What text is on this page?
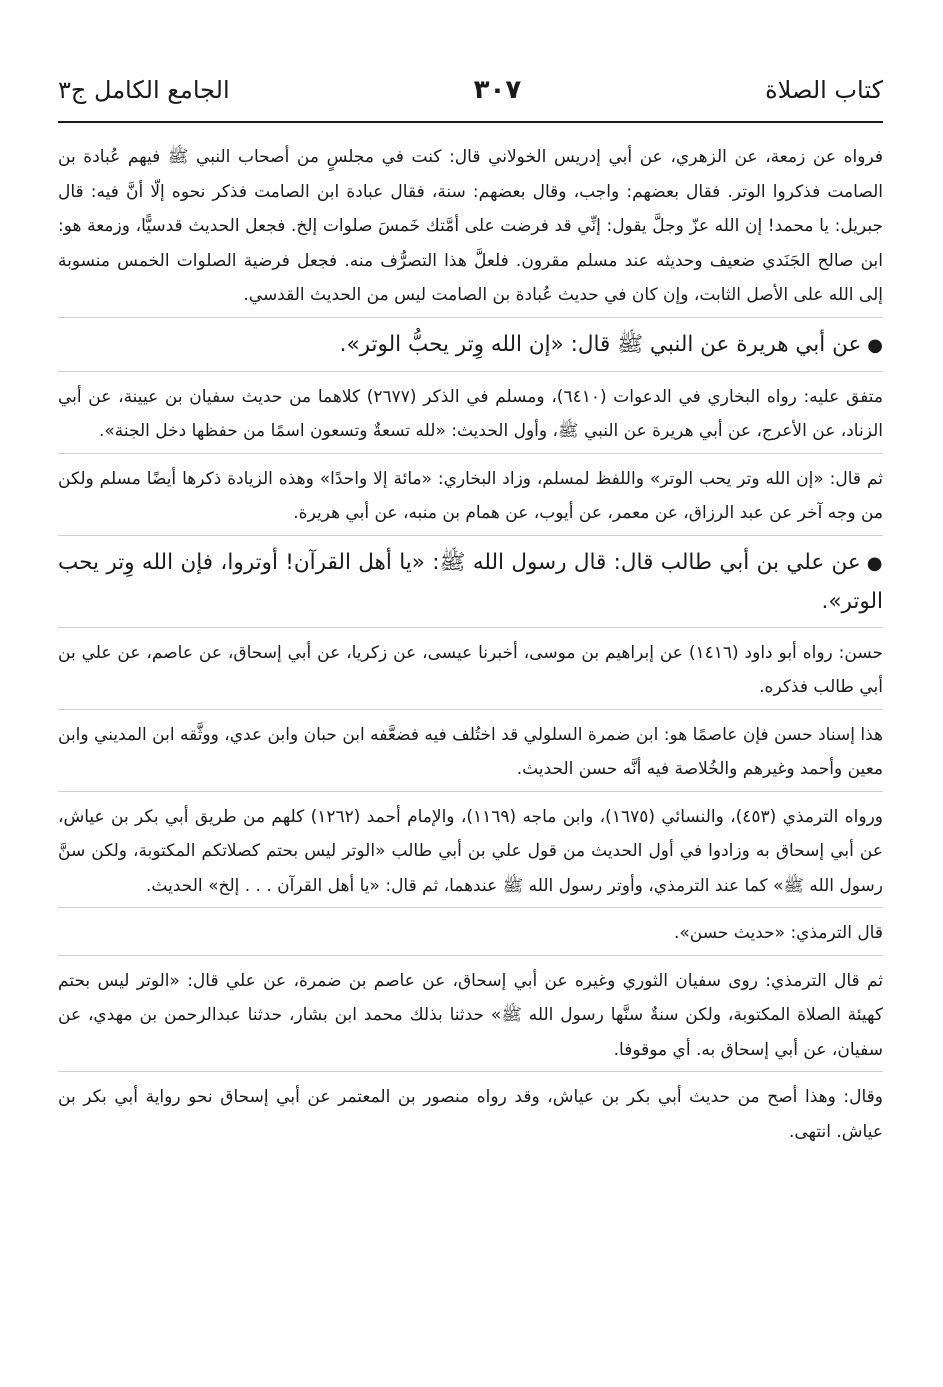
كتاب الصلاة
٣٠٧
الجامع الكامل ج٣

فرواه عن زمعة، عن الزهري، عن أبي إدريس الخولاني قال: كنت في مجلسٍ من أصحاب النبي ﷺ فيهم عُبادة بن الصامت فذكروا الوتر. فقال بعضهم: واجب، وقال بعضهم: سنة، فقال عبادة ابن الصامت فذكر نحوه إلّا أنَّ فيه: قال جبريل: يا محمد! إن الله عزّ وجلَّ يقول: إنِّي قد فرضت على أمَّتك خَمسَ صلوات إلخ. فجعل الحديث قدسيًّا، وزمعة هو: ابن صالح الجَنَدي ضعيف وحديثه عند مسلم مقرون. فلعلَّ هذا التصرُّف منه. فجعل فرضية الصلوات الخمس منسوبة إلى الله على الأصل الثابت، وإن كان في حديث عُبادة بن الصامت ليس من الحديث القدسي.

●عن أبي هريرة عن النبي ﷺ قال: «إن الله وِتر يحبُّ الوتر».

متفق عليه: رواه البخاري في الدعوات (٦٤١٠)، ومسلم في الذكر (٢٦٧٧) كلاهما من حديث سفيان بن عيينة، عن أبي الزناد، عن الأعرج، عن أبي هريرة عن النبي ﷺ، وأول الحديث: «لله تسعةٌ وتسعون اسمًا من حفظها دخل الجنة».

ثم قال: «إن الله وتر يحب الوتر» واللفظ لمسلم، وزاد البخاري: «مائة إلا واحدًا» وهذه الزيادة ذكرها أيضًا مسلم ولكن من وجه آخر عن عبد الرزاق، عن معمر، عن أيوب، عن همام بن منبه، عن أبي هريرة.

●عن علي بن أبي طالب قال: قال رسول الله ﷺ: «يا أهل القرآن! أوتروا، فإن الله وِتر يحب الوتر».

حسن: رواه أبو داود (١٤١٦) عن إبراهيم بن موسى، أخبرنا عيسى، عن زكريا، عن أبي إسحاق، عن عاصم، عن علي بن أبي طالب فذكره.

هذا إسناد حسن فإن عاصمًا هو: ابن ضمرة السلولي قد اختُلف فيه فضعَّفه ابن حبان وابن عدي، ووثَّقه ابن المديني وابن معين وأحمد وغيرهم والخُلاصة فيه أنَّه حسن الحديث.

ورواه الترمذي (٤٥٣)، والنسائي (١٦٧٥)، وابن ماجه (١١٦٩)، والإمام أحمد (١٢٦٢) كلهم من طريق أبي بكر بن عياش، عن أبي إسحاق به وزادوا في أول الحديث من قول علي بن أبي طالب «الوتر ليس بحتم كصلاتكم المكتوبة، ولكن سنَّ رسول الله ﷺ» كما عند الترمذي، وأوتر رسول الله ﷺ عندهما، ثم قال: «يا أهل القرآن . . . إلخ» الحديث.

قال الترمذي: «حديث حسن».

ثم قال الترمذي: روى سفيان الثوري وغيره عن أبي إسحاق، عن عاصم بن ضمرة، عن علي قال: «الوتر ليس بحتم كهيئة الصلاة المكتوبة، ولكن سنةٌ سنَّها رسول الله ﷺ» حدثنا بذلك محمد ابن بشار، حدثنا عبدالرحمن بن مهدي، عن سفيان، عن أبي إسحاق به. أي موقوفا.

وقال: وهذا أصح من حديث أبي بكر بن عياش، وقد رواه منصور بن المعتمر عن أبي إسحاق نحو رواية أبي بكر بن عياش. انتهى.
